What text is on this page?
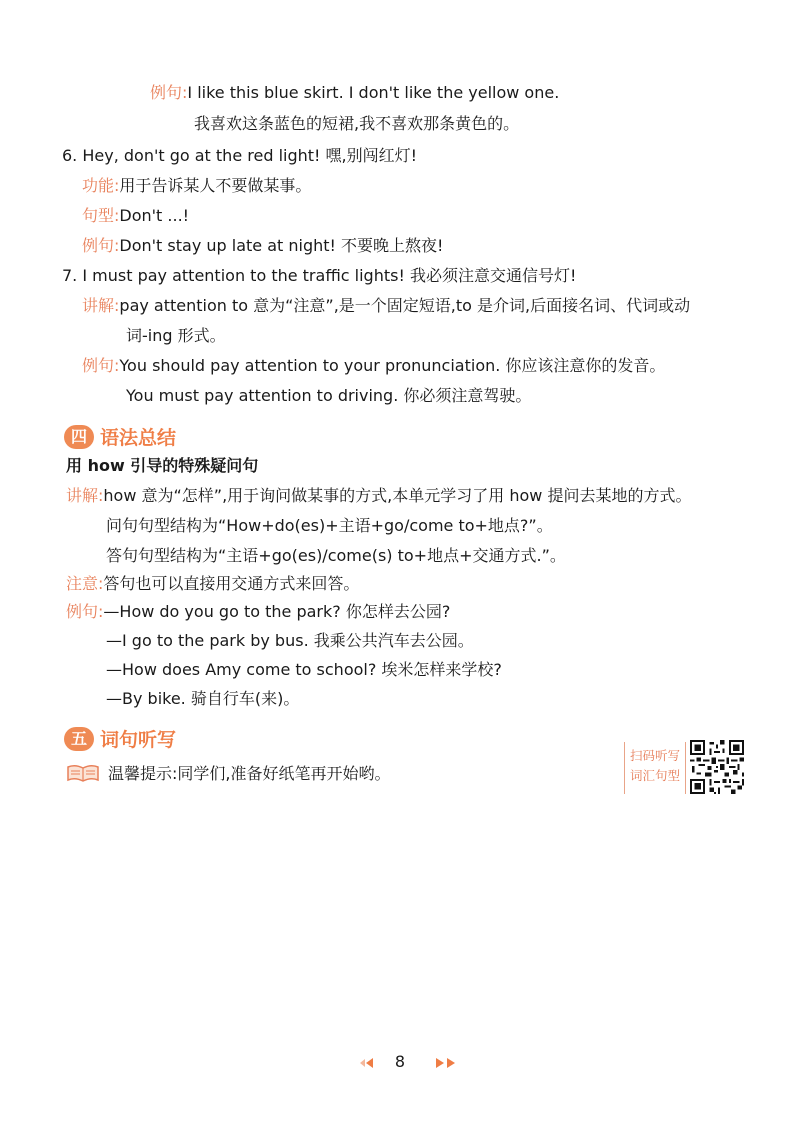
例句:I like this blue skirt. I don't like the yellow one.
我喜欢这条蓝色的短裙,我不喜欢那条黄色的。
6. Hey, don't go at the red light! 嘿,别闯红灯!
功能:用于告诉某人不要做某事。
句型:Don't ...!
例句:Don't stay up late at night! 不要晚上熬夜!
7. I must pay attention to the traffic lights! 我必须注意交通信号灯!
讲解:pay attention to 意为“注意”,是一个固定短语,to 是介词,后面接名词、代词或动
词-ing 形式。
例句:You should pay attention to your pronunciation. 你应该注意你的发音。
You must pay attention to driving. 你必须注意驾驶。
用 how 引导的特殊疑问句
讲解:how 意为“怎样”,用于询问做某事的方式,本单元学习了用 how 提问去某地的方式。
问句句型结构为“How+do(es)+主语+go/come to+地点?”。
答句句型结构为“主语+go(es)/come(s) to+地点+交通方式.”。
注意:答句也可以直接用交通方式来回答。
例句:—How do you go to the park? 你怎样去公园?
—I go to the park by bus. 我乘公共汽车去公园。
—How does Amy come to school? 埃米怎样来学校?
—By bike. 骑自行车(来)。
四 语法总结
五 词句听写
温馨提示:同学们,准备好纸笔再开始哟。
扫码听写
词汇句型
8
